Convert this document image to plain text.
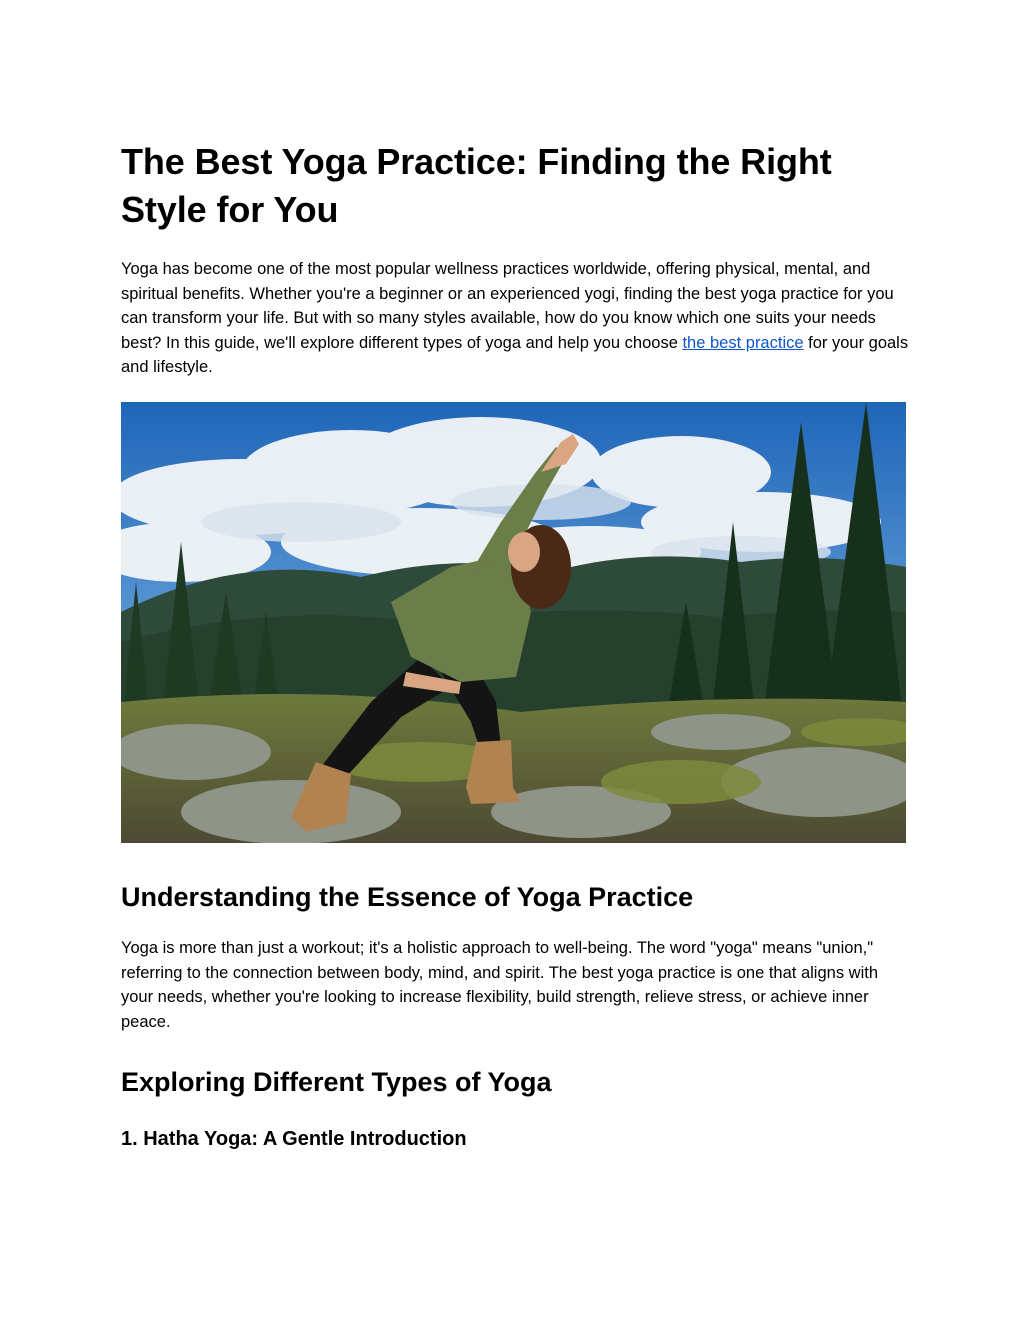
The Best Yoga Practice: Finding the Right Style for You

Yoga has become one of the most popular wellness practices worldwide, offering physical, mental, and spiritual benefits. Whether you're a beginner or an experienced yogi, finding the best yoga practice for you can transform your life. But with so many styles available, how do you know which one suits your needs best? In this guide, we'll explore different types of yoga and help you choose the best practice for your goals and lifestyle.

Understanding the Essence of Yoga Practice

Yoga is more than just a workout; it's a holistic approach to well-being. The word "yoga" means "union," referring to the connection between body, mind, and spirit. The best yoga practice is one that aligns with your needs, whether you're looking to increase flexibility, build strength, relieve stress, or achieve inner peace.

Exploring Different Types of Yoga
1. Hatha Yoga: A Gentle Introduction
